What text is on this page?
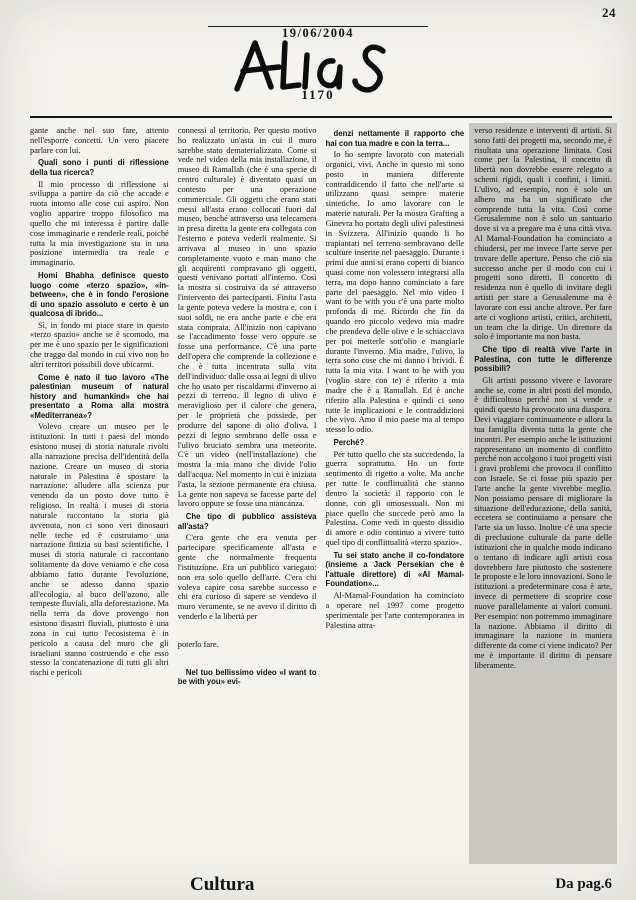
24
19/06/2004
1170

gante anche nel suo fare, attento nell'esporre concetti. Un vero piacere parlare con lui.

Quali sono i punti di riflessione della tua ricerca?

Il mio processo di riflessione si sviluppa a partire da ciò che accade e ruota intorno alle cose cui aspiro. Non voglio apparire troppo filosofico ma quello che mi interessa è partire dalle cose immaginarie e renderle reali, poiché tutta la mia investigazione sta in una posizione intermedia tra reale e immaginario.

Homi Bhabha definisce questo luogo come «terzo spazio», «in-between», che è in fondo l'erosione di uno spazio assoluto e certo è un qualcosa di ibrido...

Sì, in fondo mi piace stare in questo «terzo spazio» anche se è scomodo, ma per me è uno spazio per le significazioni che traggo dal mondo in cui vivo non ho altri territori possibili dove ubicarmi.

Come è nato il tuo lavoro «The palestinian museum of natural history and humankind» che hai presentato a Roma alla mostra «Mediterranea»?

Volevo creare un museo per le istituzioni. In tutti i paesi del mondo esistono musei di storia naturale rivolti alla narrazione precisa dell'identità della nazione. Creare un museo di storia naturale in Palestina è spostare la narrazione: alludere alla scienza pur venendo da un posto dove tutto è religioso. In realtà i musei di storia naturale raccontano la storia già avvenuta, non ci sono veri dinosauri nelle teche ed è costruiamo una narrazione fittizia su basi scientifiche. I musei di storia naturale ci raccontano solitamente da dove veniamo e che cosa abbiamo fatto durante l'evoluzione, anche se adesso danno spazio all'ecologia, al buco dell'ozono, alle tempeste fluviali, alla deforestazione. Ma nella terra da dove provengo non esistono disastri fluviali, piuttosto è una zona in cui tutto l'ecosistema è in pericolo a causa del muro che gli israeliani stanno costruendo e che esso stesso la concatenazione di tutti gli altri rischi e pericoli

connessi al territorio. Per questo motivo ho realizzato un'asta in cui il muro sarebbe stato dematerializzato. Come si vede nel video della mia installazione, il museo di Ramallah (che è una specie di centro culturale) è diventato quasi un contesto per una operazione commerciale. Gli oggetti che erano stati messi all'asta erano collocati fuori dal museo, benché attraverso una telecamera in presa diretta la gente era collegata con l'esterno e poteva vederli realmente. Si arrivava al museo in uno spazio completamente vuoto e man mano che gli acquirenti compravano gli oggetti, questi venivano portati all'interno. Così la mostra si costruiva da sé attraverso l'intervento dei partecipanti. Finita l'asta la gente poteva vedere la mostra e, con i suoi soldi, ne era anche parte e che era stata comprata. All'inizio non capivano se l'accadimento fosse vero oppure se fosse una performance. C'è una parte dell'opera che comprende la collezione e che è tutta incentrata sulla vita dell'individuo: dalle ossa ai legni di ulivo che ho usato per riscaldarmi d'inverno ai pezzi di terreno. Il legno di ulivo è meraviglioso per il calore che genera, per le proprietà che possiede, per produrre del sapone di olio d'oliva. I pezzi di legno sembrano delle ossa e l'ulivo bruciato sembra una meteorite. C'è un video (nell'installazione) che mostra la mia mano che divide l'olio dall'acqua. Nel momento in cui è iniziata l'asta, la sezione permanente era chiusa. La gente non sapeva se facesse parte del lavoro oppure se fosse una mancanza.

Che tipo di pubblico assisteva all'asta?

C'era gente che era venuta per partecipare specificamente all'asta e gente che normalmente frequenta l'istituzione. Era un pubblico variegato: non era solo quello dell'arte. C'era chi voleva capire cosa sarebbe successo e chi era curioso di sapere se vendevo il muro veramente, se ne avevo il diritto di venderlo e la libertà per

poterlo fare.

Nel tuo bellissimo video «I want to be with you» evi-

denzi nettamente il rapporto che hai con tua madre e con la terra...

Io ho sempre lavorato con materiali organici, vivi. Anche in questo mi sono posto in maniera differente contraddicendo il fatto che nell'arte si utilizzano quasi sempre materie sintetiche. Io amo lavorare con le materie naturali. Per la mostra Grafting a Ginevra ho portato degli ulivi palestinesi in Svizzera. All'inizio quando li ho trapiantati nel terreno sembravano delle sculture inserite nel paesaggio. Durante i primi due anni si erano coperti di bianco quasi come non volessero integrarsi alla terra, ma dopo hanno cominciato a fare parte del paesaggio. Nel mio video I want to be with you c'è una parte molto profonda di me. Ricordo che fin da quando ero piccolo vedevo mia madre che prendeva delle olive e le schiacciava per poi metterle sott'olio e mangiarle durante l'inverno. Mia madre, l'ulivo, la terra sono cose che mi danno i brividi. È tutta la mia vita. I want to be with you (voglio stare con te) è riferito a mia madre che è a Ramallah. Ed è anche riferito alla Palestina e quindi ci sono tutte le implicazioni e le contraddizioni che vivo. Amo il mio paese ma al tempo stesso lo odio.

Perché?

Per tutto quello che sta succedendo, la guerra soprattutto. Ho un forte sentimento di rigetto a volte. Ma anche per tutte le conflittualità che stanno dentro la società: il rapporto con le donne, con gli omosessuali. Non mi piace quello che succede però amo la Palestina. Come vedi in questo dissidio di amore e odio continuo a vivere tutto quel tipo di conflittualità «terzo spazio».

Tu sei stato anche il co-fondatore (insieme a Jack Persekian che è l'attuale direttore) di «Al Mamal-Foundation»...

Al-Mamal-Foundation ha cominciato a operare nel 1997 come progetto sperimentale per l'arte contemporanea in Palestina attra-

verso residenze e interventi di artisti. Si sono fatti dei progetti ma, secondo me, è risultata una operazione limitata. Così come per la Palestina, il concetto di libertà non dovrebbe essere relegato a schemi rigidi, quali i confini, i limiti. L'ulivo, ad esempio, non è solo un albero ma ha un significato che comprende tutta la vita. Così come Gerusalemme non è solo un santuario dove si va a pregare ma è una città viva. Al Mamal-Foundation ha cominciato a chiudersi, per me invece l'arte serve per trovare delle aperture. Penso che ciò sia successo anche per il modo con cui i progetti sono diretti. Il concetto di residenza non è quello di invitare degli artisti per stare a Gerusalemme ma è lavorare con essi anche altrove. Per fare arte ci vogliono artisti, critici, architetti, un team che la dirige. Un direttore da solo è importante ma non basta.

Che tipo di realtà vive l'arte in Palestina, con tutte le differenze possibili?

Gli artisti possono vivere e lavorare anche se, come in altri posti del mondo, è difficoltoso perché non si vende e quindi questo ha provocato una diaspora. Devi viaggiare continuamente e allora la tua famiglia diventa tutta la gente che incontri. Per esempio anche le istituzioni rappresentano un momento di conflitto perché non accolgono i tuoi progetti visti i gravi problemi che provoca il conflitto con Israele. Se ci fosse più spazio per l'arte anche la gente vivrebbe meglio. Non possiamo pensare di migliorare la situazione dell'educazione, della sanità, eccetera se continuiamo a pensare che l'arte sia un lusso. Inoltre c'è una specie di preclusione culturale da parte delle istituzioni che in qualche modo indicano o tentano di indicare agli artisti cosa dovrebbero fare piuttosto che sostenere le proposte e le loro innovazioni. Sono le istituzioni a predeterminare cosa è arte, invece di permettere di scoprire cose nuove parallelamente ai valori comuni. Per esempio: non potremmo immaginare la nazione. Abbiamo il diritto di immaginare la nazione in maniera differente da come ci viene indicato? Per me è importante il diritto di pensare liberamente.

Cultura	Da pag.6
